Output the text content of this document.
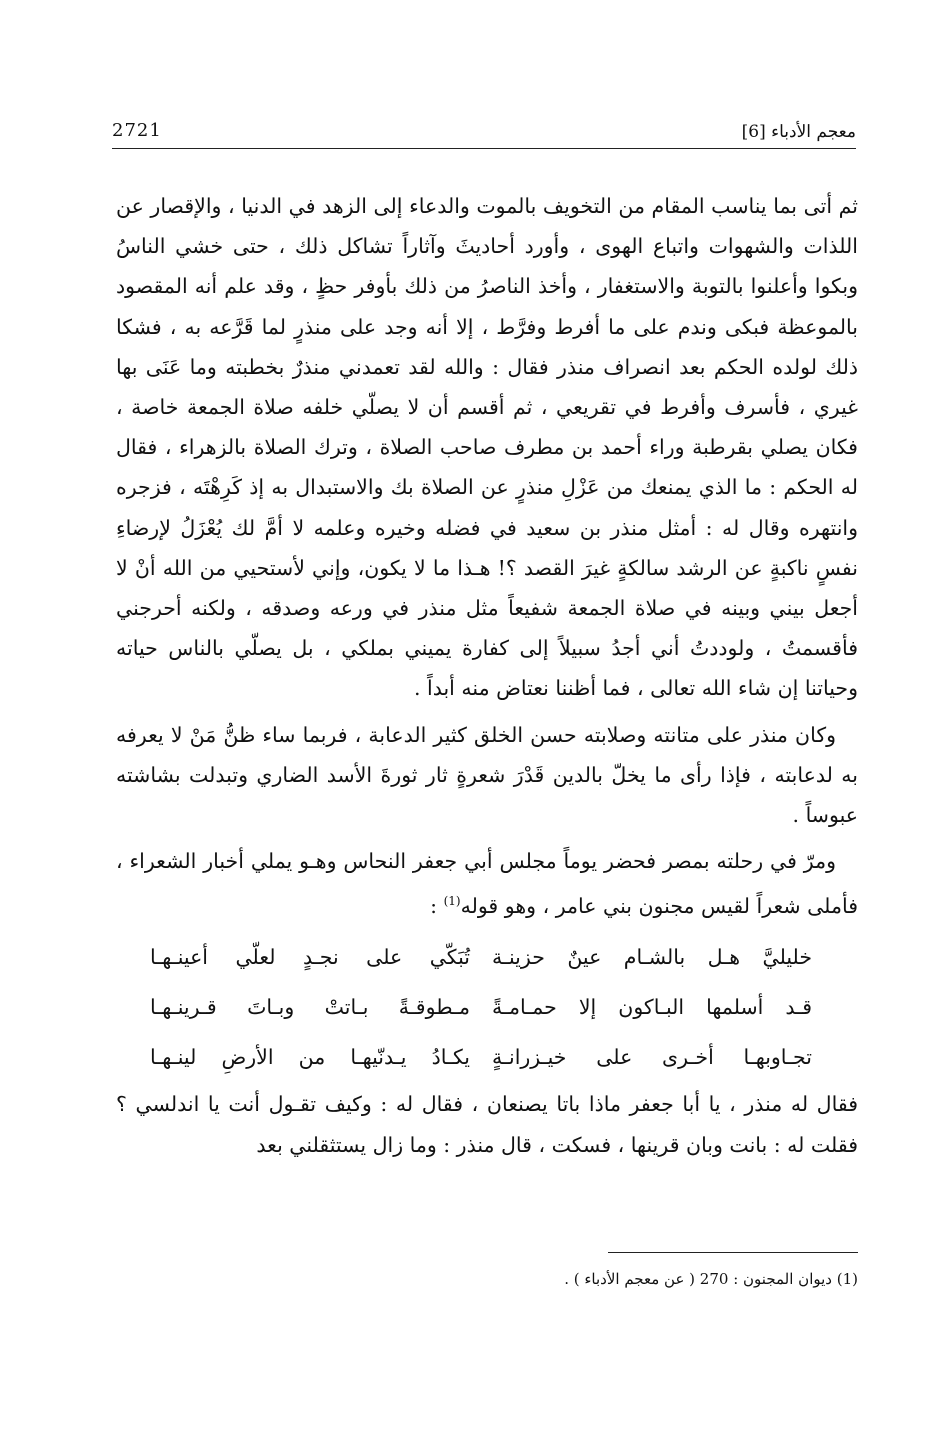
معجم الأدباء [6]
2721

ثم أتى بما يناسب المقام من التخويف بالموت والدعاء إلى الزهد في الدنيا ، والإقصار عن اللذات والشهوات واتباع الهوى ، وأورد أحاديثَ وآثاراً تشاكل ذلك ، حتى خشي الناسُ وبكوا وأعلنوا بالتوبة والاستغفار ، وأخذ الناصرُ من ذلك بأوفر حظٍ ، وقد علم أنه المقصود بالموعظة فبكى وندم على ما أفرط وفرَّط ، إلا أنه وجد على منذرٍ لما قَرَّعه به ، فشكا ذلك لولده الحكم بعد انصراف منذر فقال : والله لقد تعمدني منذرٌ بخطبته وما عَنَى بها غيري ، فأسرف وأفرط في تقريعي ، ثم أقسم أن لا يصلّي خلفه صلاة الجمعة خاصة ، فكان يصلي بقرطبة وراء أحمد بن مطرف صاحب الصلاة ، وترك الصلاة بالزهراء ، فقال له الحكم : ما الذي يمنعك من عَزْلِ منذرٍ عن الصلاة بك والاستبدال به إذ كَرِهْتَه ، فزجره وانتهره وقال له : أمثل منذر بن سعيد في فضله وخيره وعلمه لا أمَّ لك يُعْزَلُ لإرضاءِ نفسٍ ناكبةٍ عن الرشد سالكةٍ غيرَ القصد ؟! هـذا ما لا يكون، وإني لأستحيي من الله أنْ لا أجعل بيني وبينه في صلاة الجمعة شفيعاً مثل منذر في ورعه وصدقه ، ولكنه أحرجني فأقسمتُ ، ولوددتُ أني أجدُ سبيلاً إلى كفارة يميني بملكي ، بل يصلّي بالناس حياته وحياتنا إن شاء الله تعالى ، فما أظننا نعتاض منه أبداً .

وكان منذر على متانته وصلابته حسن الخلق كثير الدعابة ، فربما ساء ظنُّ مَنْ لا يعرفه به لدعابته ، فإذا رأى ما يخلّ بالدين قَدْرَ شعرةٍ ثار ثورةَ الأسد الضاري وتبدلت بشاشته عبوساً .

ومرّ في رحلته بمصر فحضر يوماً مجلس أبي جعفر النحاس وهـو يملي أخبار الشعراء ، فأملى شعراً لقيس مجنون بني عامر ، وهو قوله$^{(1)}$ :

خليليَّ هـل بالشـام عينٌ حزينـة
تُبَكّي على نجـدٍ لعلّي أعينـهـا
قـد أسلمها البـاكون إلا حمـامـةً
مـطوقـةً بـاتتْ وبـاتَ قـرينـهـا
تجـاوبهـا أخـرى على خيـزرانـةٍ
يكـادُ يـدنّيهـا من الأرضِ لينـهـا

فقال له منذر ، يا أبا جعفر ماذا باتا يصنعان ، فقال له : وكيف تقـول أنت يا اندلسي ؟ فقلت له : بانت وبان قرينها ، فسكت ، قال منذر : وما زال يستثقلني بعد

(1) ديوان المجنون : 270 ( عن معجم الأدباء ) .
